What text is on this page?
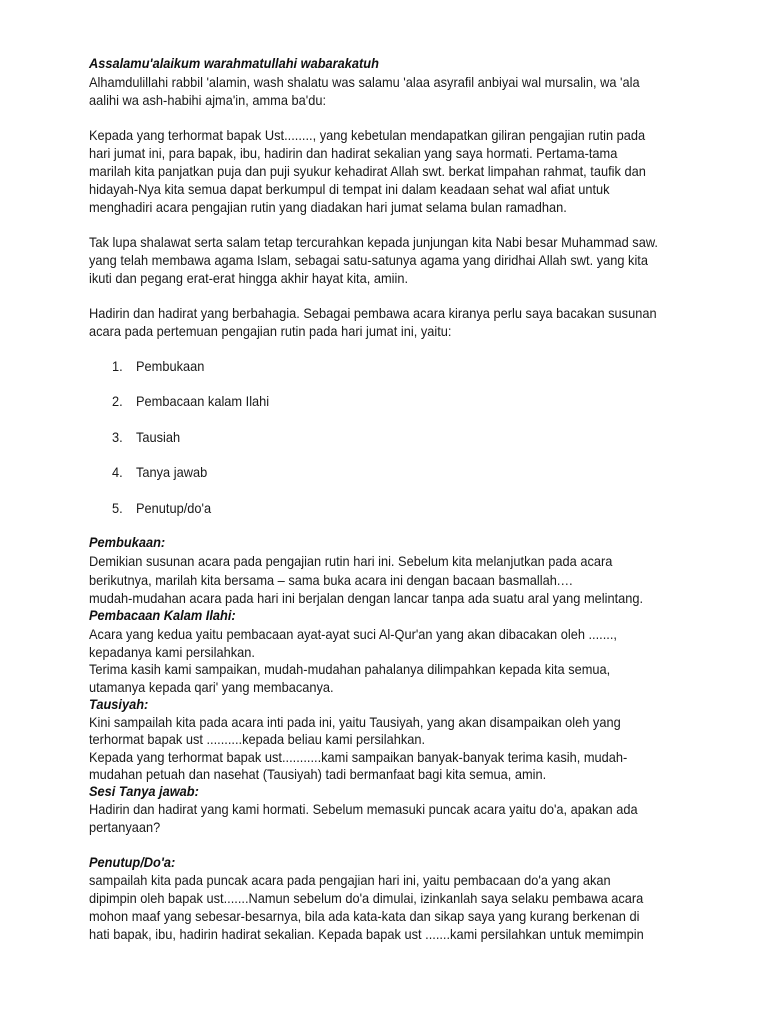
Assalamu'alaikum warahmatullahi wabarakatuh
Alhamdulillahi rabbil 'alamin, wash shalatu was salamu 'alaa asyrafil anbiyai wal mursalin, wa 'ala
aalihi wa ash-habihi ajma'in, amma ba'du:
Kepada yang terhormat bapak Ust........, yang kebetulan mendapatkan giliran pengajian rutin pada
hari jumat ini, para bapak, ibu, hadirin dan hadirat sekalian yang saya hormati. Pertama-tama
marilah kita panjatkan puja dan puji syukur kehadirat Allah swt. berkat limpahan rahmat, taufik dan
hidayah-Nya kita semua dapat berkumpul di tempat ini dalam keadaan sehat wal afiat untuk
menghadiri acara pengajian rutin yang diadakan hari jumat selama bulan ramadhan.
Tak lupa shalawat serta salam tetap tercurahkan kepada junjungan kita Nabi besar Muhammad saw.
yang telah membawa agama Islam, sebagai satu-satunya agama yang diridhai Allah swt. yang kita
ikuti dan pegang erat-erat hingga akhir hayat kita, amiin.
Hadirin dan hadirat yang berbahagia. Sebagai pembawa acara kiranya perlu saya bacakan susunan
acara pada pertemuan pengajian rutin pada hari jumat ini, yaitu:
1. Pembukaan
2. Pembacaan kalam Ilahi
3. Tausiah
4. Tanya jawab
5. Penutup/do'a
Pembukaan:
Demikian susunan acara pada pengajian rutin hari ini. Sebelum kita melanjutkan pada acara
berikutnya, marilah kita bersama – sama buka acara ini dengan bacaan basmallah.…
mudah-mudahan acara pada hari ini berjalan dengan lancar tanpa ada suatu aral yang melintang.
Pembacaan Kalam Ilahi:
Acara yang kedua yaitu pembacaan ayat-ayat suci Al-Qur'an yang akan dibacakan oleh .......,
kepadanya kami persilahkan.
Terima kasih kami sampaikan, mudah-mudahan pahalanya dilimpahkan kepada kita semua,
utamanya kepada qari' yang membacanya.
Tausiyah:
Kini sampailah kita pada acara inti pada ini, yaitu Tausiyah, yang akan disampaikan oleh yang
terhormat bapak ust ..........kepada beliau kami persilahkan.
Kepada yang terhormat bapak ust...........kami sampaikan banyak-banyak terima kasih, mudah-
mudahan petuah dan nasehat (Tausiyah) tadi bermanfaat bagi kita semua, amin.
Sesi Tanya jawab:
Hadirin dan hadirat yang kami hormati. Sebelum memasuki puncak acara yaitu do'a, apakan ada
pertanyaan?
Penutup/Do'a:
sampailah kita pada puncak acara pada pengajian hari ini, yaitu pembacaan do'a yang akan
dipimpin oleh bapak ust.......Namun sebelum do'a dimulai, izinkanlah saya selaku pembawa acara
mohon maaf yang sebesar-besarnya, bila ada kata-kata dan sikap saya yang kurang berkenan di
hati bapak, ibu, hadirin hadirat sekalian. Kepada bapak ust .......kami persilahkan untuk memimpin
